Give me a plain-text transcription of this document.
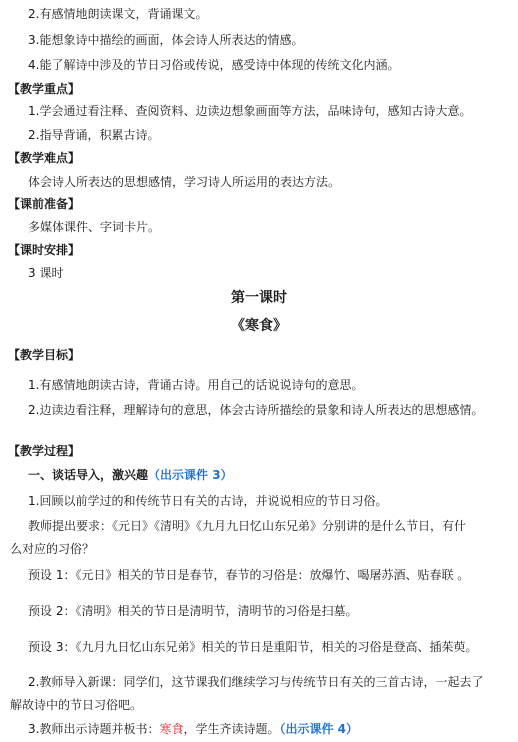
2.有感情地朗读课文，背诵课文。
3.能想象诗中描绘的画面，体会诗人所表达的情感。
4.能了解诗中涉及的节日习俗或传说，感受诗中体现的传统文化内涵。
【教学重点】
1.学会通过看注释、查阅资料、边读边想象画面等方法，品味诗句，感知古诗大意。
2.指导背诵，积累古诗。
【教学难点】
体会诗人所表达的思想感情，学习诗人所运用的表达方法。
【课前准备】
多媒体课件、字词卡片。
【课时安排】
3 课时
第一课时
《寒食》
【教学目标】
1.有感情地朗读古诗，背诵古诗。用自己的话说说诗句的意思。
2.边读边看注释，理解诗句的意思，体会古诗所描绘的景象和诗人所表达的思想感情。
【教学过程】
一、谈话导入，激兴趣（出示课件 3）
1.回顾以前学过的和传统节日有关的古诗，并说说相应的节日习俗。
教师提出要求：《元日》《清明》《九月九日忆山东兄弟》分别讲的是什么节日，有什
么对应的习俗？
预设 1：《元日》相关的节日是春节，春节的习俗是：放爆竹、喝屠苏酒、贴春联 。
预设 2：《清明》相关的节日是清明节，清明节的习俗是扫墓。
预设 3：《九月九日忆山东兄弟》相关的节日是重阳节，相关的习俗是登高、插茱萸。
2.教师导入新课：同学们，这节课我们继续学习与传统节日有关的三首古诗，一起去了
解故诗中的节日习俗吧。
3.教师出示诗题并板书：寒食，学生齐读诗题。（出示课件 4）
